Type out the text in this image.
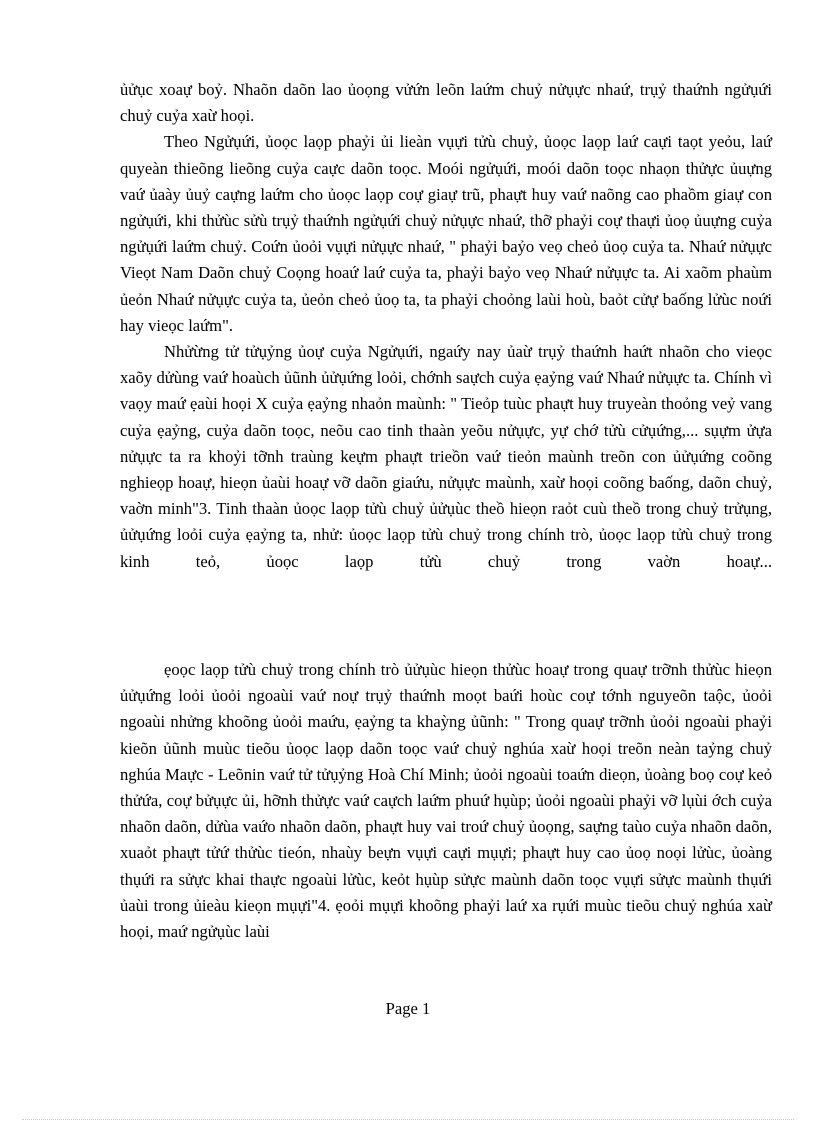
ủửục xoaự boỷ. Nhaõn daõn lao ủoọng vửứn leõn laứm chuỷ nửụực nhaứ, trụỷ thaứnh ngửụứi chuỷ cuỷa xaừ hoọi.

Theo Ngửụứi, ủoọc laọp phaỷi ủi lieàn vụựi tửù chuỷ, ủoọc laọp laứ caựi taọt yeỏu, laứ quyeàn thieõng lieõng cuỷa caực daõn toọc. Moói ngửụứi, moói daõn toọc nhaọn thửực ủuựng vaứ ủaày ủuỷ caựng laứm cho ủoọc laọp coự giaự trũ, phaựt huy vaứ naõng cao phaồm giaự con ngửụứi, khi thửùc sửù trụỷ thaứnh ngửụứi chuỷ nửụực nhaứ, thỡ phaỷi coự thaựi ủoọ ủuựng cuỷa ngửụứi laứm chuỷ. Coứn ủoỏi vụựi nửụực nhaứ, " phaỷi baỷo veọ cheỏ ủoọ cuỷa ta. Nhaứ nửụực Vieọt Nam Daõn chuỷ Coọng hoaứ laứ cuỷa ta, phaỷi baỷo veọ Nhaứ nửụực ta. Ai xaõm phaùm ủeỏn Nhaứ nửụực cuỷa ta, ủeỏn cheỏ ủoọ ta, ta phaỷi choỏng laùi hoù, baỏt cửự baống lửùc noứi hay vieọc laứm".

Nhửừng tử tửụỷng ủoự cuỷa Ngửụứi, ngaứy nay ủaừ trụỷ thaứnh haứt nhaõn cho vieọc xaõy dửùng vaứ hoaùch ủũnh ủửụứng loỏi, chớnh saựch cuỷa ẹaỷng vaứ Nhaứ nửụực ta. Chính vì vaọy maứ ẹaùi hoọi X cuỷa ẹaỷng nhaỏn maùnh: " Tieỏp tuùc phaựt huy truyeàn thoỏng veỷ vang cuỷa ẹaỷng, cuỷa daõn toọc, neõu cao tinh thaàn yeõu nửụực, yự chớ tửù cửụứng,... sụựm ửựa nửụực ta ra khoỷi tỡnh traùng keựm phaựt trieồn vaứ tieỏn maùnh treõn con ủửụứng coõng nghieọp hoaự, hieọn ủaùi hoaự vỡ daõn giaứu, nửụực maùnh, xaừ hoọi coõng baống, daõn chuỷ, vaờn minh"3. Tinh thaàn ủoọc laọp tửù chuỷ ủửụùc theồ hieọn raỏt cuù theồ trong chuỷ trửụng, ủửụứng loỏi cuỷa ẹaỷng ta, nhử: ủoọc laọp tửù chuỷ trong chính trò, ủoọc laọp tửù chuỷ trong kinh teỏ, ủoọc laọp tửù chuỷ trong vaờn hoaự...

ẹoọc laọp tửù chuỷ trong chính trò ủửụùc hieọn thửùc hoaự trong quaự trỡnh thửùc hieọn ủửụứng loỏi ủoỏi ngoaùi vaứ noự trụỷ thaứnh moọt baứi hoùc coự tớnh nguyeõn taộc, ủoỏi ngoaùi nhửng khoõng ủoỏi maứu, ẹaỷng ta khaỳng ủũnh: " Trong quaự trỡnh ủoỏi ngoaùi phaỷi kieõn ủũnh muùc tieõu ủoọc laọp daõn toọc vaứ chuỷ nghúa xaừ hoọi treõn neàn taỷng chuỷ nghúa Maực - Leõnin vaứ tử tửụỷng Hoà Chí Minh; ủoỏi ngoaùi toaứn dieọn, ủoàng boọ coự keỏ thửứa, coự bửụực ủi, hỡnh thửực vaứ caựch laứm phuứ hụùp; ủoỏi ngoaùi phaỷi vỡ lụùi ớch cuỷa nhaõn daõn, dửùa vaứo nhaõn daõn, phaựt huy vai troứ chuỷ ủoọng, saựng taùo cuỷa nhaõn daõn, xuaỏt phaựt tửứ thửùc tieón, nhaùy beựn vụựi caựi mụựi; phaựt huy cao ủoọ noọi lửùc, ủoàng thụứi ra sửực khai thaực ngoaùi lửùc, keỏt hụùp sửực maùnh daõn toọc vụựi sửực maùnh thụứi ủaùi trong ủieàu kieọn mụựi"4. ẹoỏi mụựi khoõng phaỷi laứ xa rụứi muùc tieõu chuỷ nghúa xaừ hoọi, maứ ngửụùc laùi

Page 1
